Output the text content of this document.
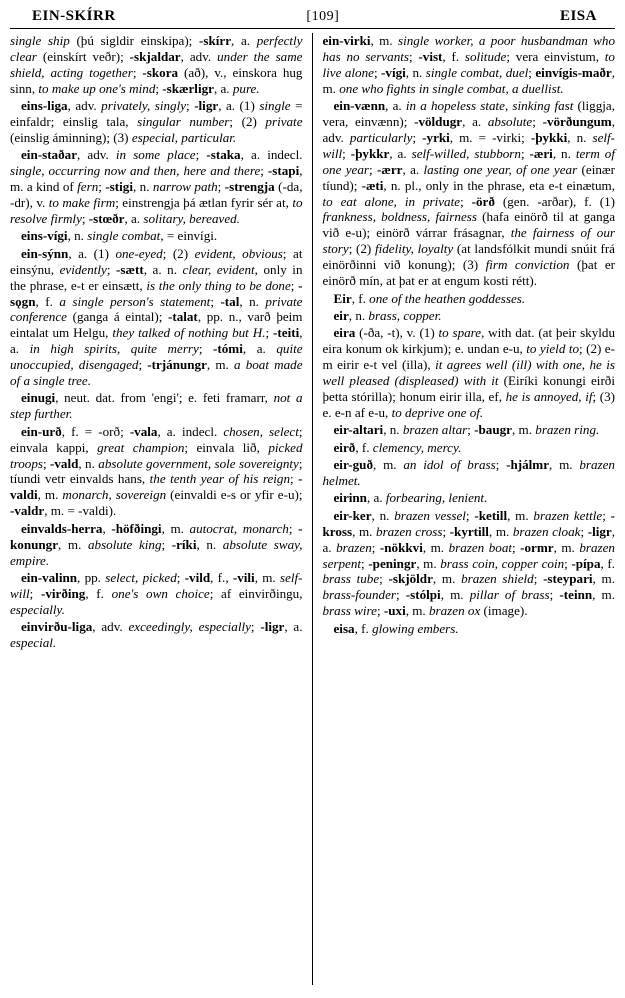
EIN-SKÍRR	[109]	EISA

single ship (þú sigldir einskipa); -skírr, a. perfectly clear (einskírt veðr); -skjaldar, adv. under the same shield, acting together; -skora (að), v., einskora hug sinn, to make up one's mind; -skærligr, a. pure.

eins-liga, adv. privately, singly; -ligr, a. (1) single = einfaldr; einslig tala, singular number; (2) private (einslig áminning); (3) especial, particular.

ein-staðar, adv. in some place; -staka, a. indecl. single, occurring now and then, here and there; -stapi, m. a kind of fern; -stigi, n. narrow path; -strengja (-da, -dr), v. to make firm; einstrengja þá ætlan fyrir sér at, to resolve firmly; -stœðr, a. solitary, bereaved.

eins-vígi, n. single combat, = einvígi.

ein-sýnn, a. (1) one-eyed; (2) evident, obvious; at einsýnu, evidently; -sætt, a. n. clear, evident, only in the phrase, e-t er einsætt, is the only thing to be done; -sǫgn, f. a single person's statement; -tal, n. private conference (ganga á eintal); -talat, pp. n., varð þeim eintalat um Helgu, they talked of nothing but H.; -teiti, a. in high spirits, quite merry; -tómi, a. quite unoccupied, disengaged; -trjánungr, m. a boat made of a single tree.

einugi, neut. dat. from 'engi'; e. feti framarr, not a step further.

ein-urð, f. = -orð; -vala, a. indecl. chosen, select; einvala kappi, great champion; einvala lið, picked troops; -vald, n. absolute government, sole sovereignty; tíundi vetr einvalds hans, the tenth year of his reign; -valdi, m. monarch, sovereign (einvaldi e-s or yfir e-u); -valdr, m. = -valdi).

einvalds-herra, -höfðingi, m. autocrat, monarch; -konungr, m. absolute king; -ríki, n. absolute sway, empire.

ein-valinn, pp. select, picked; -vild, f., -vili, m. self-will; -virðing, f. one's own choice; af einvirðingu, especially.

einvirðu-liga, adv. exceedingly, especially; -ligr, a. especial.

ein-virki, m. single worker, a poor husbandman who has no servants; -vist, f. solitude; vera einvistum, to live alone; -vígi, n. single combat, duel; einvígis-maðr, m. one who fights in single combat, a duellist.

ein-vænn, a. in a hopeless state, sinking fast (liggja, vera, einvænn); -völdugr, a. absolute; -vörðungum, adv. particularly; -yrki, m. = -virki; -þykki, n. self-will; -þykkr, a. self-willed, stubborn; -æri, n. term of one year; -ærr, a. lasting one year, of one year (einær tíund); -æti, n. pl., only in the phrase, eta e-t einætum, to eat alone, in private; -örð (gen. -arðar), f. (1) frankness, boldness, fairness (hafa einörð til at ganga við e-u); einörð várrar frásagnar, the fairness of our story; (2) fidelity, loyalty (at landsfólkit mundi snúit frá einörðinni við konung); (3) firm conviction (þat er einörð mín, at þat er at engum kosti rétt).

Eir, f. one of the heathen goddesses.

eir, n. brass, copper.

eira (-ða, -t), v. (1) to spare, with dat. (at þeir skyldu eira konum ok kirkjum); e. undan e-u, to yield to; (2) e-m eirir e-t vel (illa), it agrees well (ill) with one, he is well pleased (displeased) with it (Eiríki konungi eirði þetta stórilla); honum eirir illa, ef, he is annoyed, if; (3) e. e-n af e-u, to deprive one of.

eir-altari, n. brazen altar; -baugr, m. brazen ring.

eirð, f. clemency, mercy.

eir-guð, m. an idol of brass; -hjálmr, m. brazen helmet.

eirinn, a. forbearing, lenient.

eir-ker, n. brazen vessel; -ketill, m. brazen kettle; -kross, m. brazen cross; -kyrtill, m. brazen cloak; -ligr, a. brazen; -nökkvi, m. brazen boat; -ormr, m. brazen serpent; -peningr, m. brass coin, copper coin; -pípa, f. brass tube; -skjöldr, m. brazen shield; -steypari, m. brass-founder; -stólpi, m. pillar of brass; -teinn, m. brass wire; -uxi, m. brazen ox (image).

eisa, f. glowing embers.
